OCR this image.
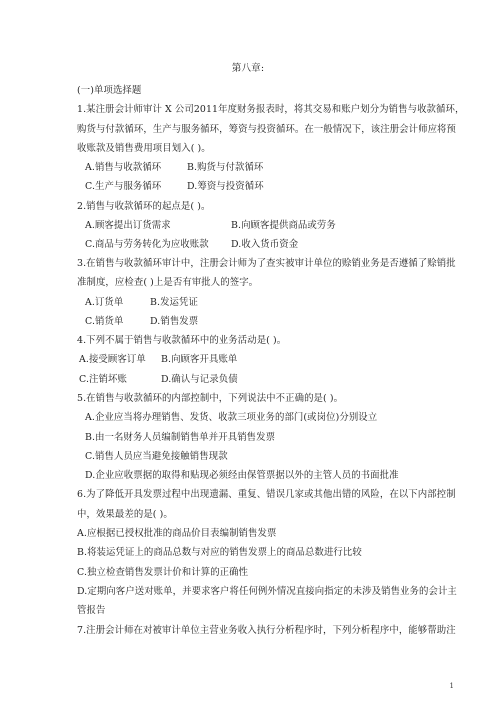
第八章:
(一)单项选择题
1.某注册会计师审计 X 公司2011年度财务报表时，将其交易和账户划分为销售与收款循环，
购货与付款循环，生产与服务循环，筹资与投资循环。在一般情况下，该注册会计师应将预
收账款及销售费用项目划入( )。
A.销售与收款循环	B.购货与付款循环
C.生产与服务循环	D.筹资与投资循环
2.销售与收款循环的起点是( )。
A.顾客提出订货需求	B.向顾客提供商品或劳务
C.商品与劳务转化为应收账款 D.收入货币资金
3.在销售与收款循环审计中，注册会计师为了查实被审计单位的赊销业务是否遵循了赊销批
准制度，应检查( )上是否有审批人的签字。
A.订货单	B.发运凭证
C.销货单	D.销售发票
4.下列不属于销售与收款循环中的业务活动是( )。
A.接受顾客订单 B.向顾客开具账单
C.注销坏账	D.确认与记录负债
5.在销售与收款循环的内部控制中，下列说法中不正确的是( )。
A.企业应当将办理销售、发货、收款三项业务的部门(或岗位)分别设立
B.由一名财务人员编制销售单并开具销售发票
C.销售人员应当避免接触销售现款
D.企业应收票据的取得和贴现必须经由保管票据以外的主管人员的书面批准
6.为了降低开具发票过程中出现遗漏、重复、错误几家或其他出错的风险，在以下内部控制
中，效果最差的是( )。
A.应根据已授权批准的商品价目表编制销售发票
B.将装运凭证上的商品总数与对应的销售发票上的商品总数进行比较
C.独立检查销售发票计价和计算的正确性
D.定期向客户送对账单，并要求客户将任何例外情况直接向指定的未涉及销售业务的会计主
管报告
7.注册会计师在对被审计单位主营业务收入执行分析程序时，下列分析程序中，能够帮助注
1
